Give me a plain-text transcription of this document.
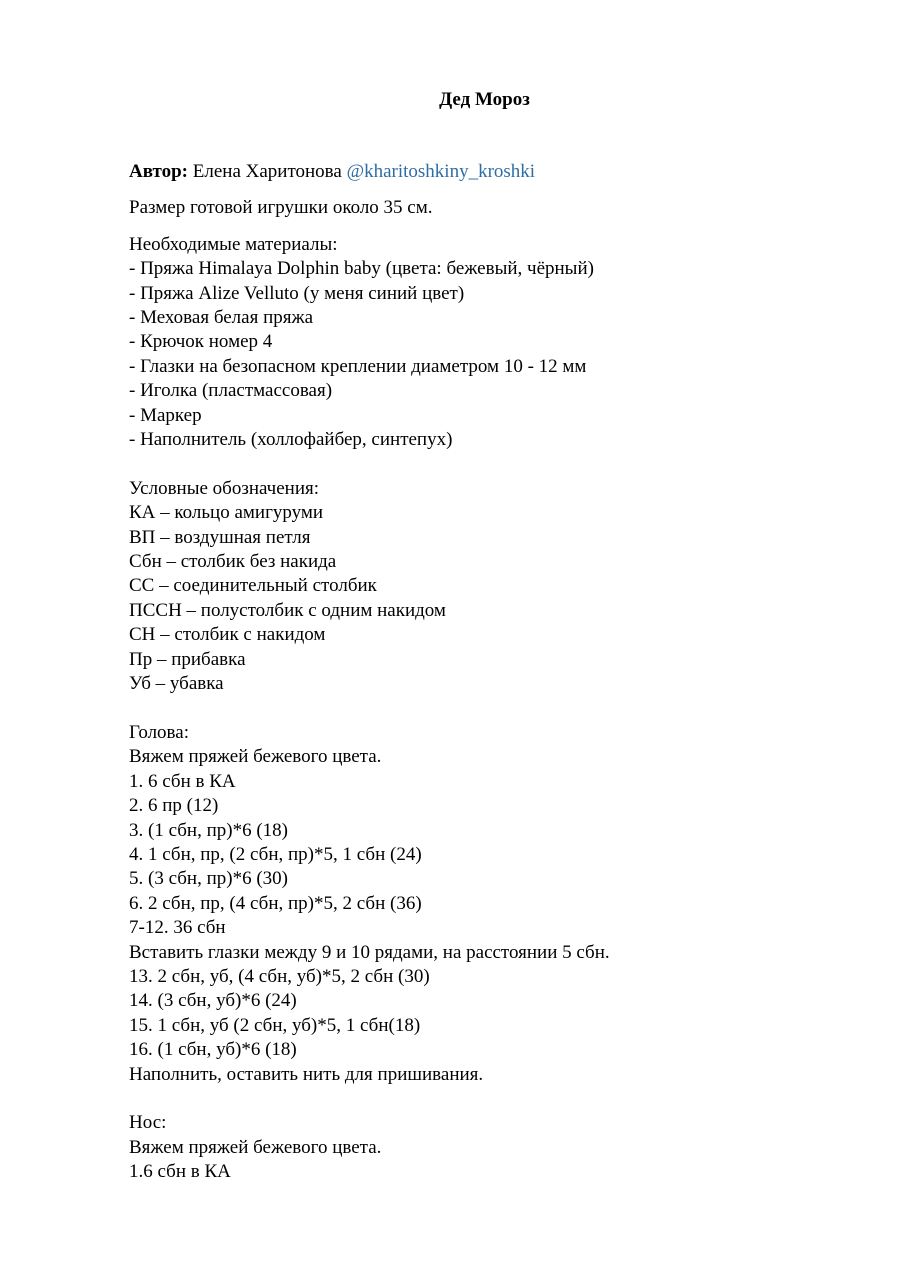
Дед Мороз
Автор: Елена Харитонова @kharitoshkiny_kroshki
Размер готовой игрушки около 35 см.
Необходимые материалы:
- Пряжа Himalaya Dolphin baby (цвета: бежевый, чёрный)
- Пряжа Alize Velluto (у меня синий цвет)
- Меховая белая пряжа
- Крючок номер 4
- Глазки на безопасном креплении диаметром 10 - 12 мм
- Иголка (пластмассовая)
- Маркер
- Наполнитель (холлофайбер, синтепух)
Условные обозначения:
КА – кольцо амигуруми
ВП – воздушная петля
Сбн – столбик без накида
СС – соединительный столбик
ПССН – полустолбик с одним накидом
СН – столбик с накидом
Пр – прибавка
Уб – убавка
Голова:
Вяжем пряжей бежевого цвета.
1. 6 сбн в КА
2. 6 пр (12)
3. (1 сбн, пр)*6 (18)
4. 1 сбн, пр, (2 сбн, пр)*5, 1 сбн (24)
5. (3 сбн, пр)*6 (30)
6. 2 сбн, пр, (4 сбн, пр)*5, 2 сбн (36)
7-12. 36 сбн
Вставить глазки между 9 и 10 рядами, на расстоянии 5 сбн.
13. 2 сбн, уб, (4 сбн, уб)*5, 2 сбн (30)
14. (3 сбн, уб)*6 (24)
15. 1 сбн, уб (2 сбн, уб)*5, 1 сбн(18)
16. (1 сбн, уб)*6 (18)
Наполнить, оставить нить для пришивания.
Нос:
Вяжем пряжей бежевого цвета.
1.6 сбн в КА
